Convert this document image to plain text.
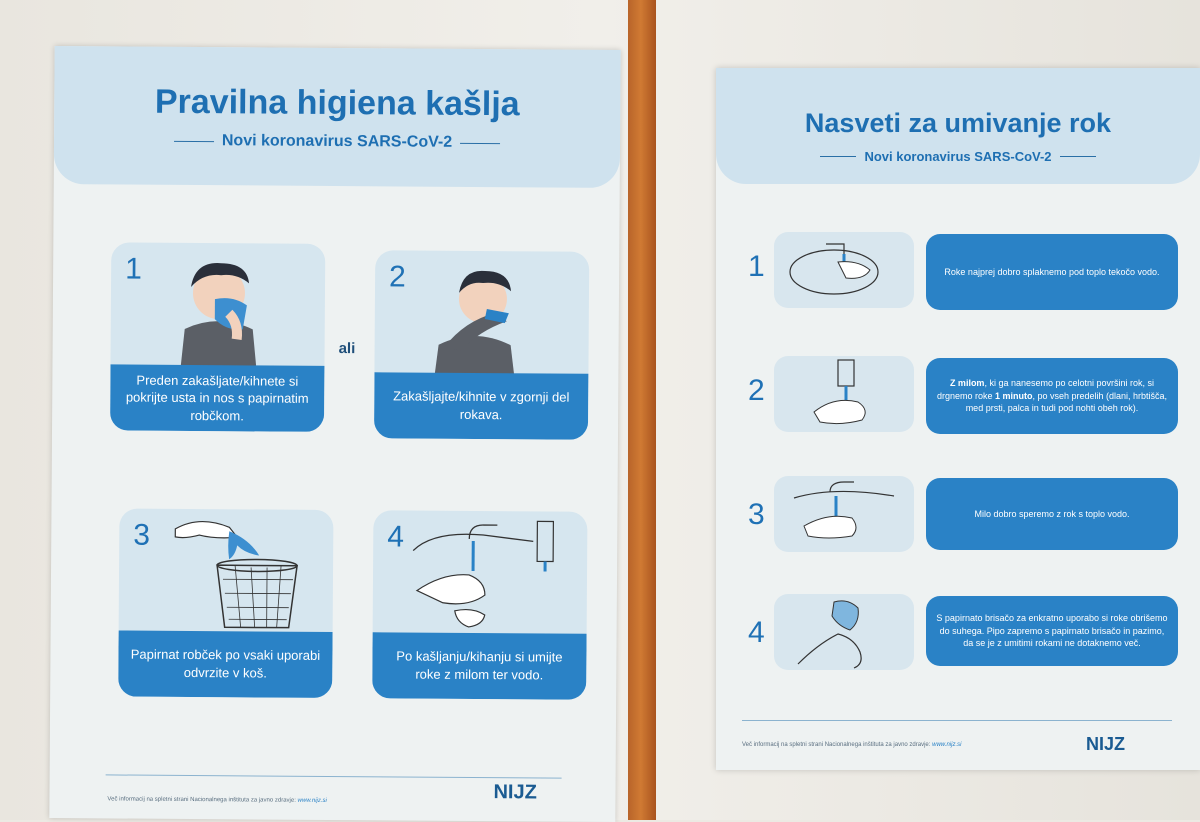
Pravilna higiena kašlja
Novi koronavirus SARS-CoV-2
1
Preden zakašljate/kihnete si pokrijte usta in nos s papirnatim robčkom.
ali
2
Zakašljajte/kihnite v zgornji del rokava.
3
Papirnat robček po vsaki uporabi odvrzite v koš.
4
Po kašljanju/kihanju si umijte roke z milom ter vodo.
Več informacij na spletni strani Nacionalnega inštituta za javno zdravje: www.nijz.si	NIJZ
Nasveti za umivanje rok
Novi koronavirus SARS-CoV-2
1	Roke najprej dobro splaknemo pod toplo tekočo vodo.
2	Z milom, ki ga nanesemo po celotni površini rok, si drgnemo roke 1 minuto, po vseh predelih (dlani, hrbtišča, med prsti, palca in tudi pod nohti obeh rok).
3	Milo dobro speremo z rok s toplo vodo.
4	S papirnato brisačo za enkratno uporabo si roke obrišemo do suhega. Pipo zapremo s papirnato brisačo in pazimo, da se je z umitimi rokami ne dotaknemo več.
Več informacij na spletni strani Nacionalnega inštituta za javno zdravje: www.nijz.si	NIJZ
